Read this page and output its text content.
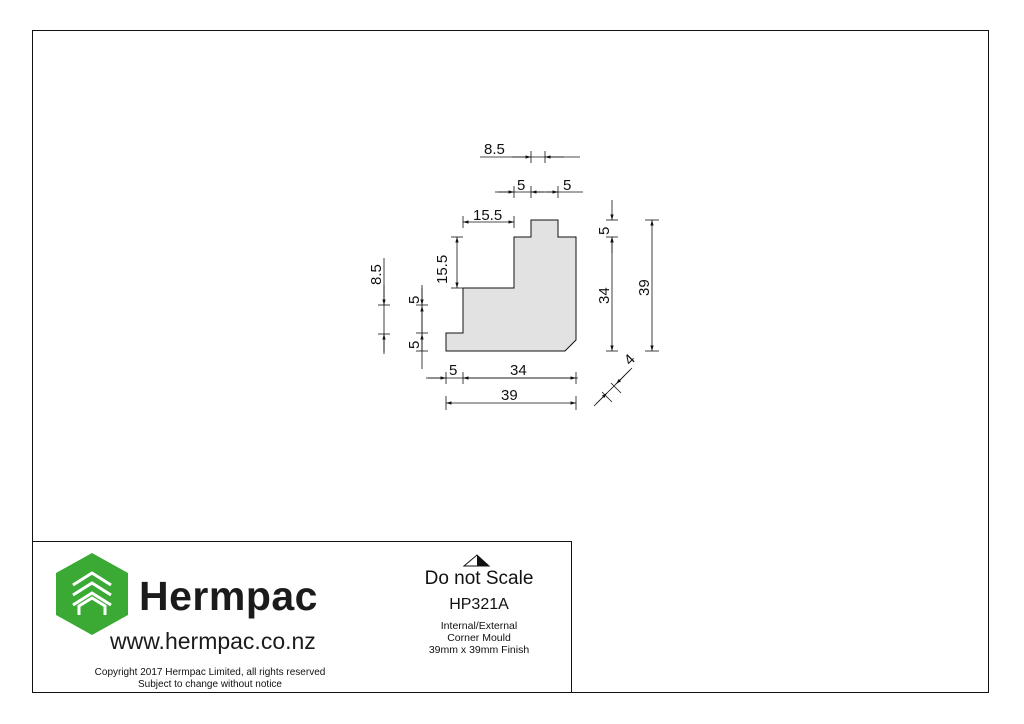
8.5
5	5
15.5
15.5
8.5
5
5
5
34 39
5	34
39
4
Hermpac
www.hermpac.co.nz
Copyright 2017 Hermpac Limited, all rights reserved
Subject to change without notice
Do not Scale
HP321A
Internal/External
Corner Mould
39mm x 39mm Finish
